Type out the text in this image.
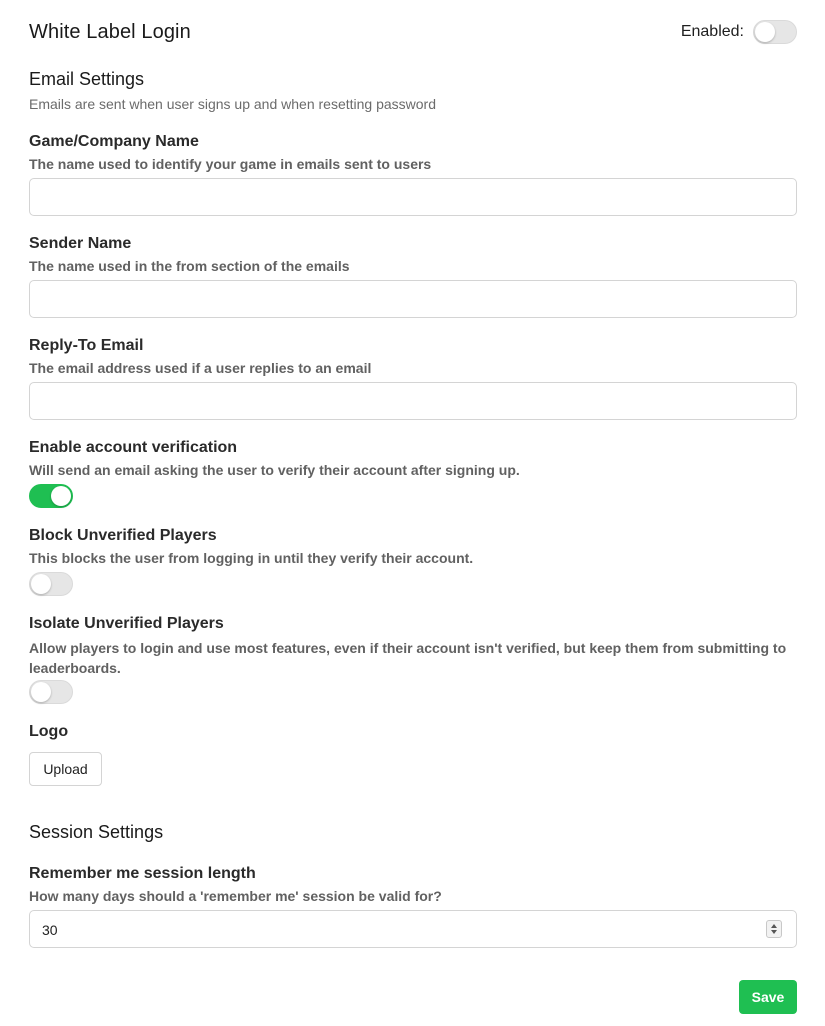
White Label Login	Enabled:
Email Settings
Emails are sent when user signs up and when resetting password
Game/Company Name
The name used to identify your game in emails sent to users
Sender Name
The name used in the from section of the emails
Reply-To Email
The email address used if a user replies to an email
Enable account verification
Will send an email asking the user to verify their account after signing up.
Block Unverified Players
This blocks the user from logging in until they verify their account.
Isolate Unverified Players
Allow players to login and use most features, even if their account isn't verified, but keep them from submitting to leaderboards.
Logo
Upload
Session Settings
Remember me session length
How many days should a 'remember me' session be valid for?
30
Save
